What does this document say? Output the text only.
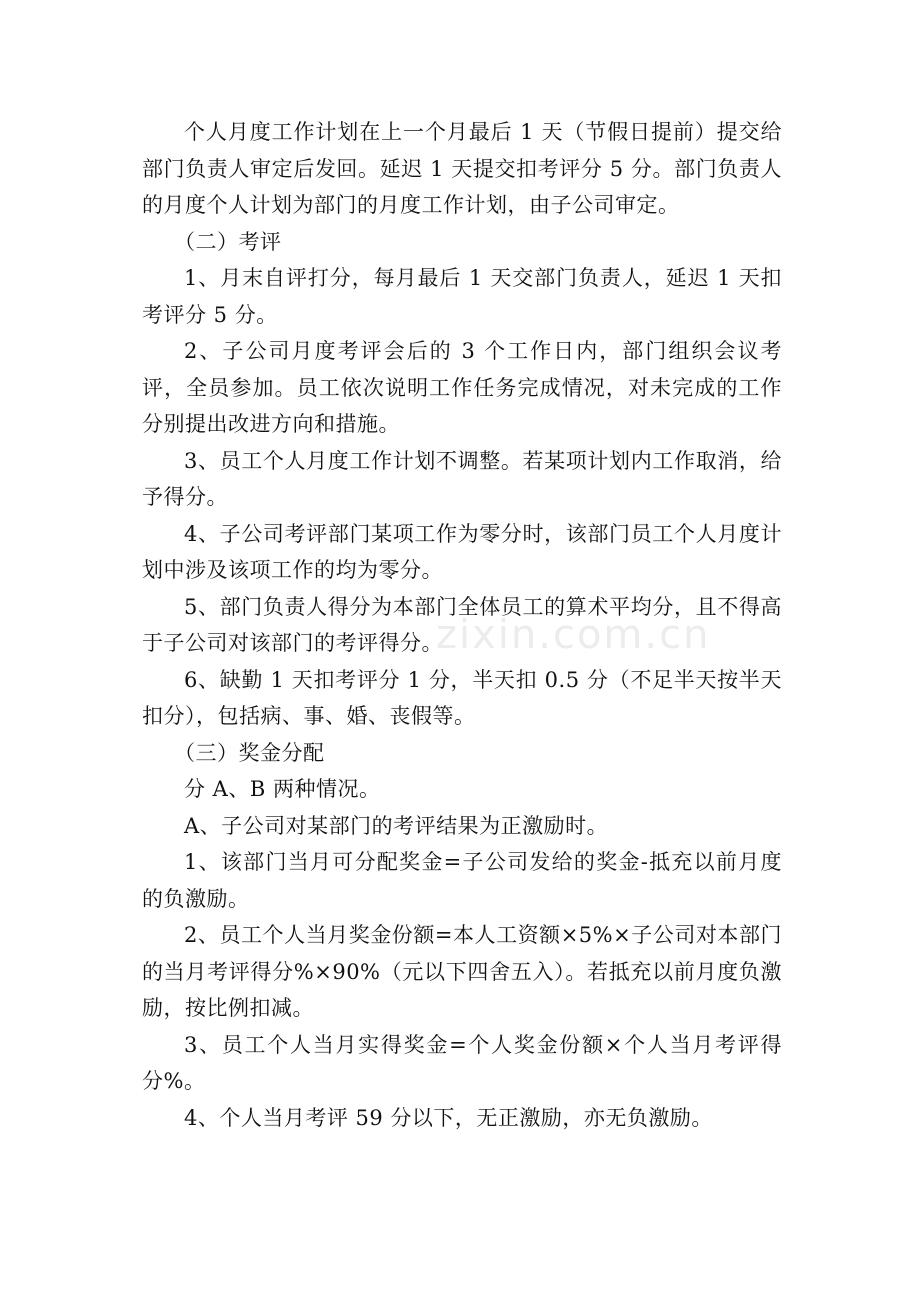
个人月度工作计划在上一个月最后 1 天（节假日提前）提交给部门负责人审定后发回。延迟 1 天提交扣考评分 5 分。部门负责人的月度个人计划为部门的月度工作计划，由子公司审定。

（二）考评

1、月末自评打分，每月最后 1 天交部门负责人，延迟 1 天扣考评分 5 分。

2、子公司月度考评会后的 3 个工作日内，部门组织会议考评，全员参加。员工依次说明工作任务完成情况，对未完成的工作分别提出改进方向和措施。

3、员工个人月度工作计划不调整。若某项计划内工作取消，给予得分。

4、子公司考评部门某项工作为零分时，该部门员工个人月度计划中涉及该项工作的均为零分。

5、部门负责人得分为本部门全体员工的算术平均分，且不得高于子公司对该部门的考评得分。

6、缺勤 1 天扣考评分 1 分，半天扣 0.5 分（不足半天按半天扣分），包括病、事、婚、丧假等。

（三）奖金分配

分 A、B 两种情况。

A、子公司对某部门的考评结果为正激励时。

1、该部门当月可分配奖金=子公司发给的奖金-抵充以前月度的负激励。

2、员工个人当月奖金份额=本人工资额×5%×子公司对本部门的当月考评得分%×90%（元以下四舍五入）。若抵充以前月度负激励，按比例扣减。

3、员工个人当月实得奖金=个人奖金份额×个人当月考评得分%。

4、个人当月考评 59 分以下，无正激励，亦无负激励。

zixin.com.cn
